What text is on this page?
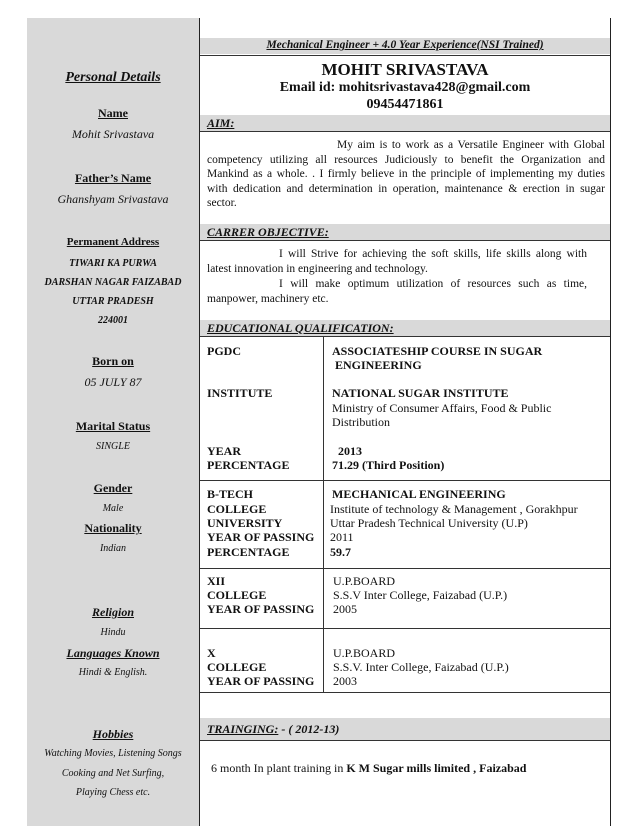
Personal Details
Name
Mohit Srivastava
Father’s Name
Ghanshyam Srivastava
Permanent Address
TIWARI KA PURWA
DARSHAN NAGAR FAIZABAD
UTTAR PRADESH
224001
Born on
05 JULY 87
Marital Status
SINGLE
Gender
Male
Nationality
Indian
Religion
Hindu
Languages Known
Hindi & English.
Hobbies
Watching Movies, Listening Songs
Cooking and Net Surfing,
Playing Chess etc.
Mechanical Engineer + 4.0 Year Experience(NSI Trained)
MOHIT SRIVASTAVA
Email id: mohitsrivastava428@gmail.com
09454471861
AIM:
My aim is to work as a Versatile Engineer with Global competency utilizing all resources Judiciously to benefit the Organization and Mankind as a whole. . I firmly believe in the principle of implementing my duties with dedication and determination in operation, maintenance & erection in sugar sector.
CARRER OBJECTIVE:
I will Strive for achieving the soft skills, life skills along with latest innovation in engineering and technology.
I will make optimum utilization of resources such as time, manpower, machinery etc.
EDUCATIONAL QUALIFICATION:
PGDC	ASSOCIATESHIP COURSE IN SUGAR
ENGINEERING
INSTITUTE	NATIONAL SUGAR INSTITUTE
Ministry of Consumer Affairs, Food & Public
Distribution
YEAR	2013
PERCENTAGE	71.29 (Third Position)
B-TECH	MECHANICAL ENGINEERING
COLLEGE	Institute of technology & Management , Gorakhpur
UNIVERSITY	Uttar Pradesh Technical University (U.P)
YEAR OF PASSING 2011
PERCENTAGE	59.7
XII	U.P.BOARD
COLLEGE	S.S.V Inter College, Faizabad (U.P.)
YEAR OF PASSING 2005
X	U.P.BOARD
COLLEGE	S.S.V. Inter College, Faizabad (U.P.)
YEAR OF PASSING 2003
TRAINGING: - ( 2012-13)
6 month In plant training in K M Sugar mills limited , Faizabad
